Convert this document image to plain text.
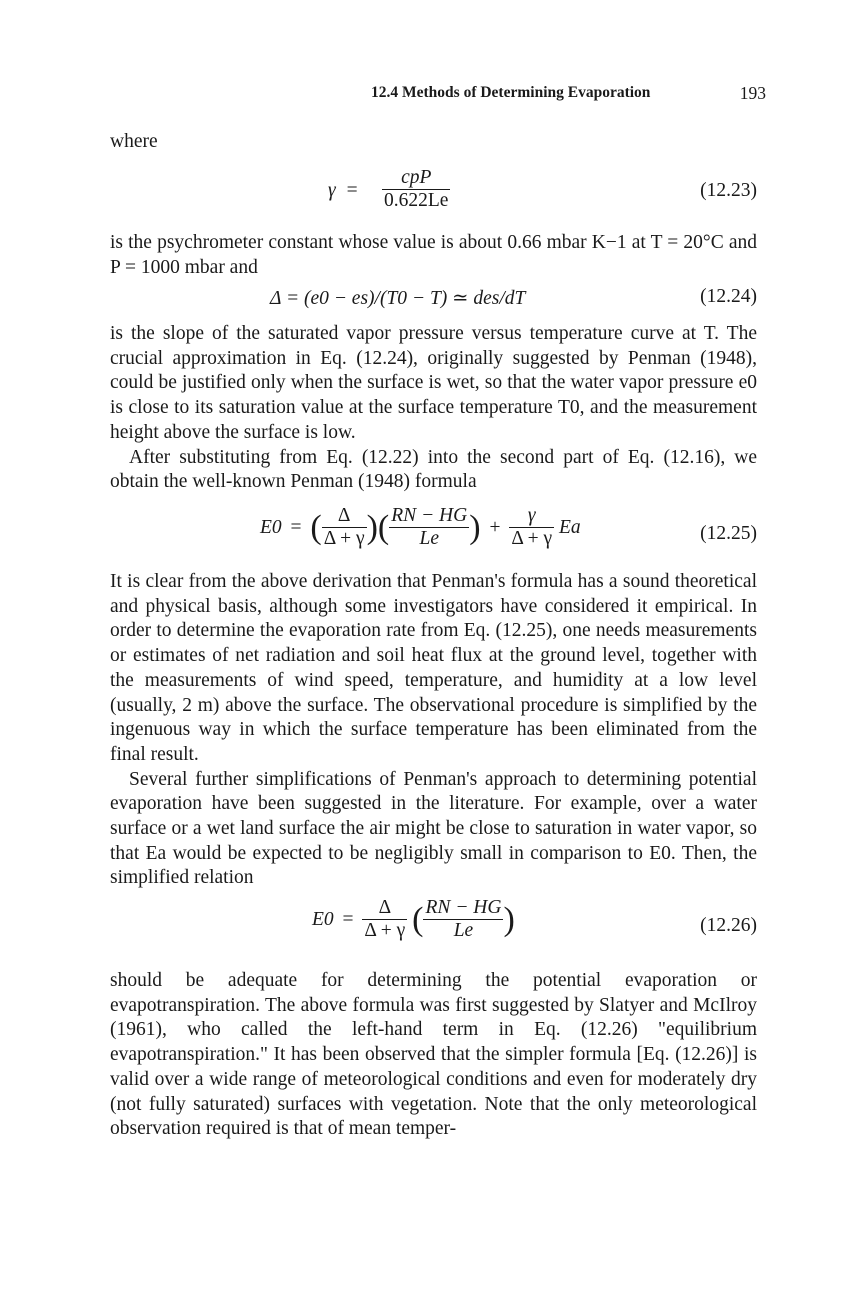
12.4 Methods of Determining Evaporation	193

where

γ =
cpP
0.622Le	(12.23)

is the psychrometer constant whose value is about 0.66 mbar K−1 at T = 20°C and P = 1000 mbar and

Δ = (e0 − es)/(T0 − T) ≃ des/dT	(12.24)

is the slope of the saturated vapor pressure versus temperature curve at T. The crucial approximation in Eq. (12.24), originally suggested by Penman (1948), could be justified only when the surface is wet, so that the water vapor pressure e0 is close to its saturation value at the surface temperature T0, and the measurement height above the surface is low.

After substituting from Eq. (12.22) into the second part of Eq. (12.16), we obtain the well-known Penman (1948) formula

E0 = ( $\frac{\Delta}{\Delta + \gamma}$ )( $\frac{RN - HG}{Le}$ ) + $\frac{\gamma}{\Delta + \gamma}$ Ea	(12.25)

It is clear from the above derivation that Penman's formula has a sound theoretical and physical basis, although some investigators have considered it empirical. In order to determine the evaporation rate from Eq. (12.25), one needs measurements or estimates of net radiation and soil heat flux at the ground level, together with the measurements of wind speed, temperature, and humidity at a low level (usually, 2 m) above the surface. The observational procedure is simplified by the ingenuous way in which the surface temperature has been eliminated from the final result.

Several further simplifications of Penman's approach to determining potential evaporation have been suggested in the literature. For example, over a water surface or a wet land surface the air might be close to saturation in water vapor, so that Ea would be expected to be negligibly small in comparison to E0. Then, the simplified relation

$E0 = \frac{\Delta}{\Delta + \gamma}$ ( $\frac{RN - HG}{Le}$ )	(12.26)

should be adequate for determining the potential evaporation or evapotranspiration. The above formula was first suggested by Slatyer and McIlroy (1961), who called the left-hand term in Eq. (12.26) "equilibrium evapotranspiration." It has been observed that the simpler formula [Eq. (12.26)] is valid over a wide range of meteorological conditions and even for moderately dry (not fully saturated) surfaces with vegetation. Note that the only meteorological observation required is that of mean temper-
